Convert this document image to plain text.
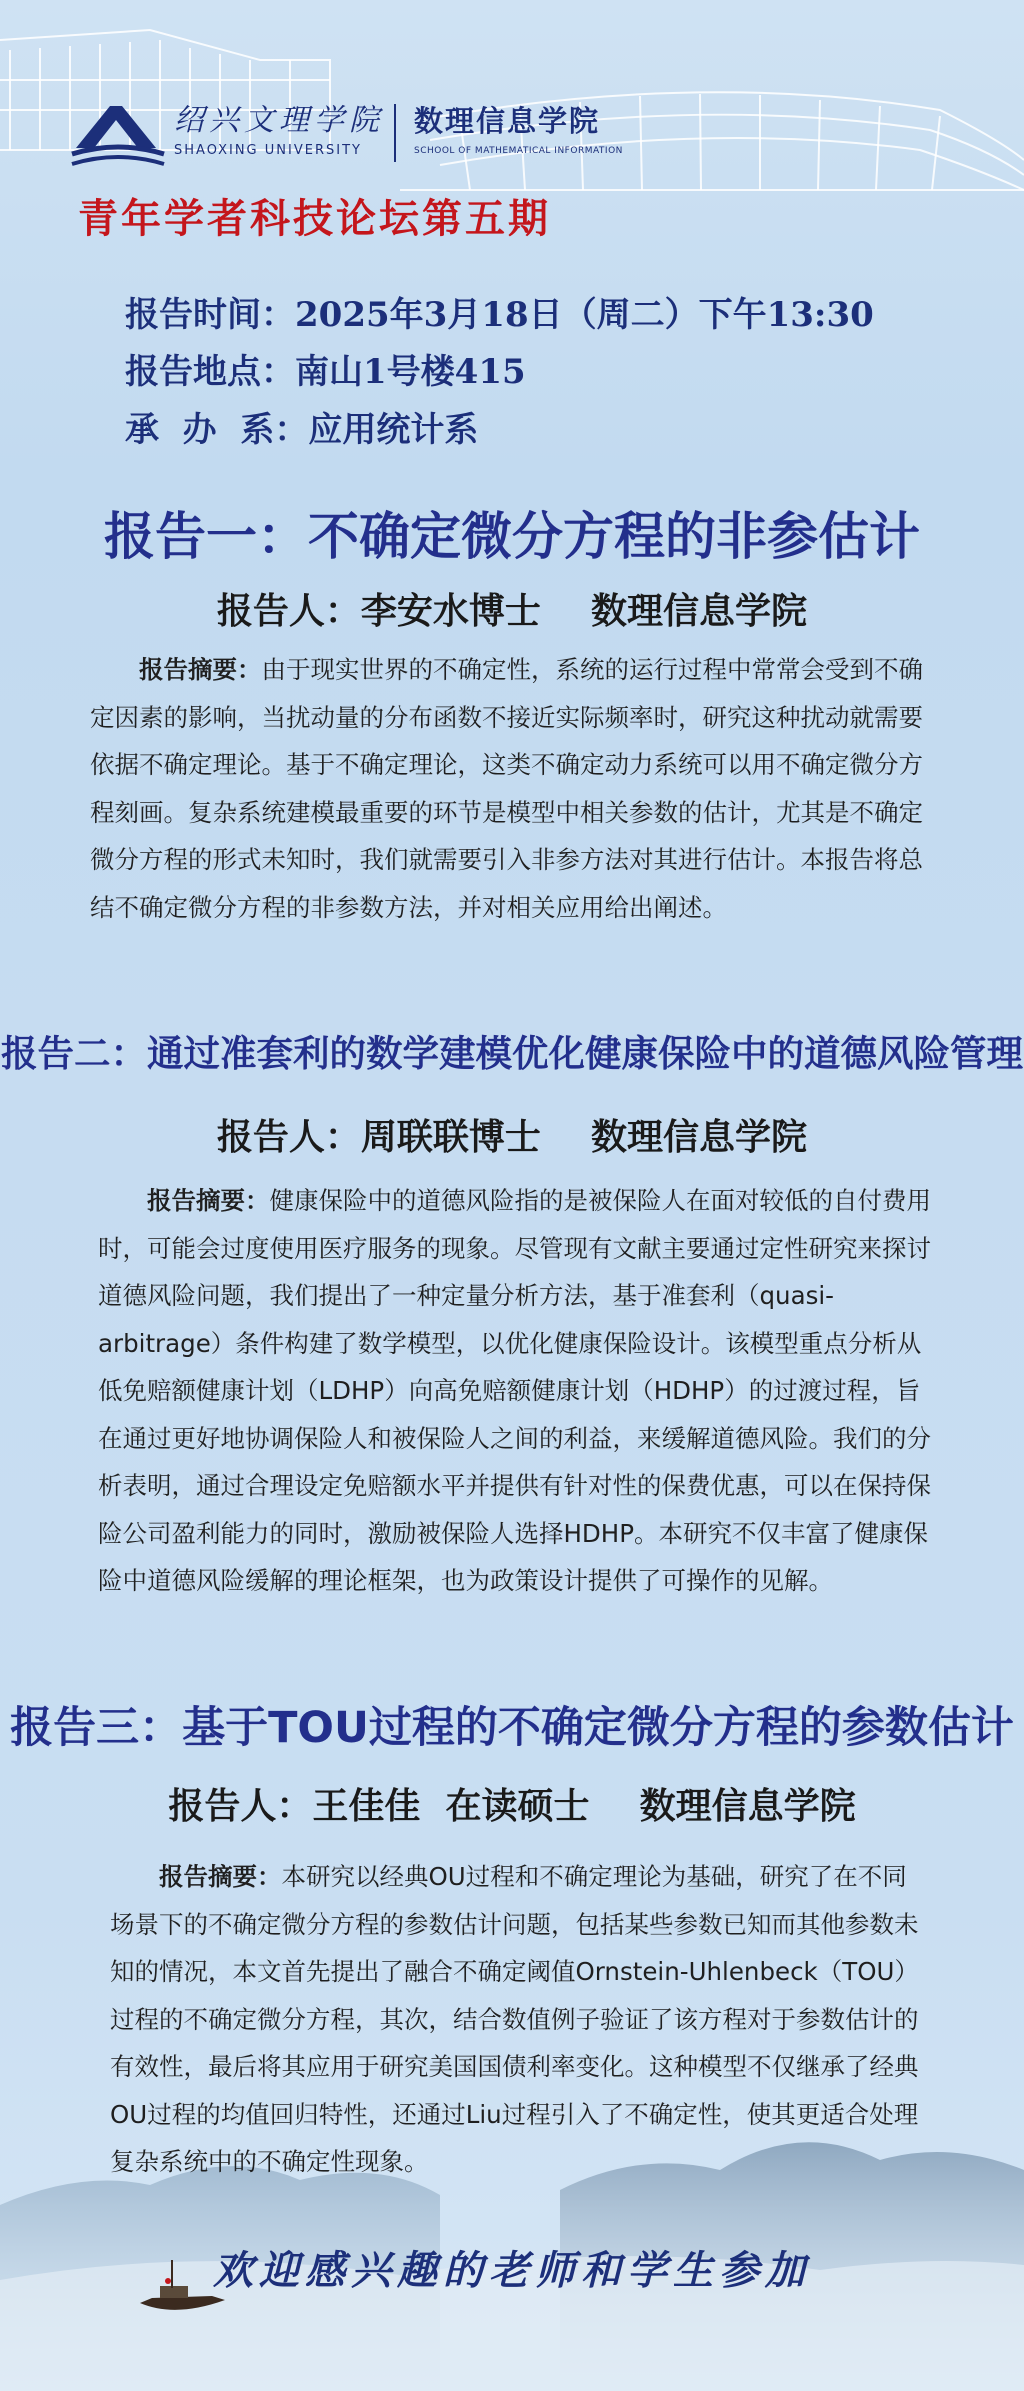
绍兴文理学院
SHAOXING UNIVERSITY
数理信息学院
SCHOOL OF MATHEMATICAL INFORMATION
青年学者科技论坛第五期
报告时间：2025年3月18日（周二）下午13:30
报告地点：南山1号楼415
承  办  系：应用统计系
报告一：不确定微分方程的非参估计
报告人：李安水博士    数理信息学院
报告摘要：由于现实世界的不确定性，系统的运行过程中常常会受到不确定因素的影响，当扰动量的分布函数不接近实际频率时，研究这种扰动就需要依据不确定理论。基于不确定理论，这类不确定动力系统可以用不确定微分方程刻画。复杂系统建模最重要的环节是模型中相关参数的估计，尤其是不确定微分方程的形式未知时，我们就需要引入非参方法对其进行估计。本报告将总结不确定微分方程的非参数方法，并对相关应用给出阐述。
报告二：通过准套利的数学建模优化健康保险中的道德风险管理
报告人：周联联博士    数理信息学院
报告摘要：健康保险中的道德风险指的是被保险人在面对较低的自付费用时，可能会过度使用医疗服务的现象。尽管现有文献主要通过定性研究来探讨道德风险问题，我们提出了一种定量分析方法，基于准套利（quasi-arbitrage）条件构建了数学模型，以优化健康保险设计。该模型重点分析从低免赔额健康计划（LDHP）向高免赔额健康计划（HDHP）的过渡过程，旨在通过更好地协调保险人和被保险人之间的利益，来缓解道德风险。我们的分析表明，通过合理设定免赔额水平并提供有针对性的保费优惠，可以在保持保险公司盈利能力的同时，激励被保险人选择HDHP。本研究不仅丰富了健康保险中道德风险缓解的理论框架，也为政策设计提供了可操作的见解。
报告三：基于TOU过程的不确定微分方程的参数估计
报告人：王佳佳  在读硕士    数理信息学院
报告摘要：本研究以经典OU过程和不确定理论为基础，研究了在不同场景下的不确定微分方程的参数估计问题，包括某些参数已知而其他参数未知的情况，本文首先提出了融合不确定阈值Ornstein-Uhlenbeck（TOU）过程的不确定微分方程，其次，结合数值例子验证了该方程对于参数估计的有效性，最后将其应用于研究美国国债利率变化。这种模型不仅继承了经典OU过程的均值回归特性，还通过Liu过程引入了不确定性，使其更适合处理复杂系统中的不确定性现象。
欢迎感兴趣的老师和学生参加
